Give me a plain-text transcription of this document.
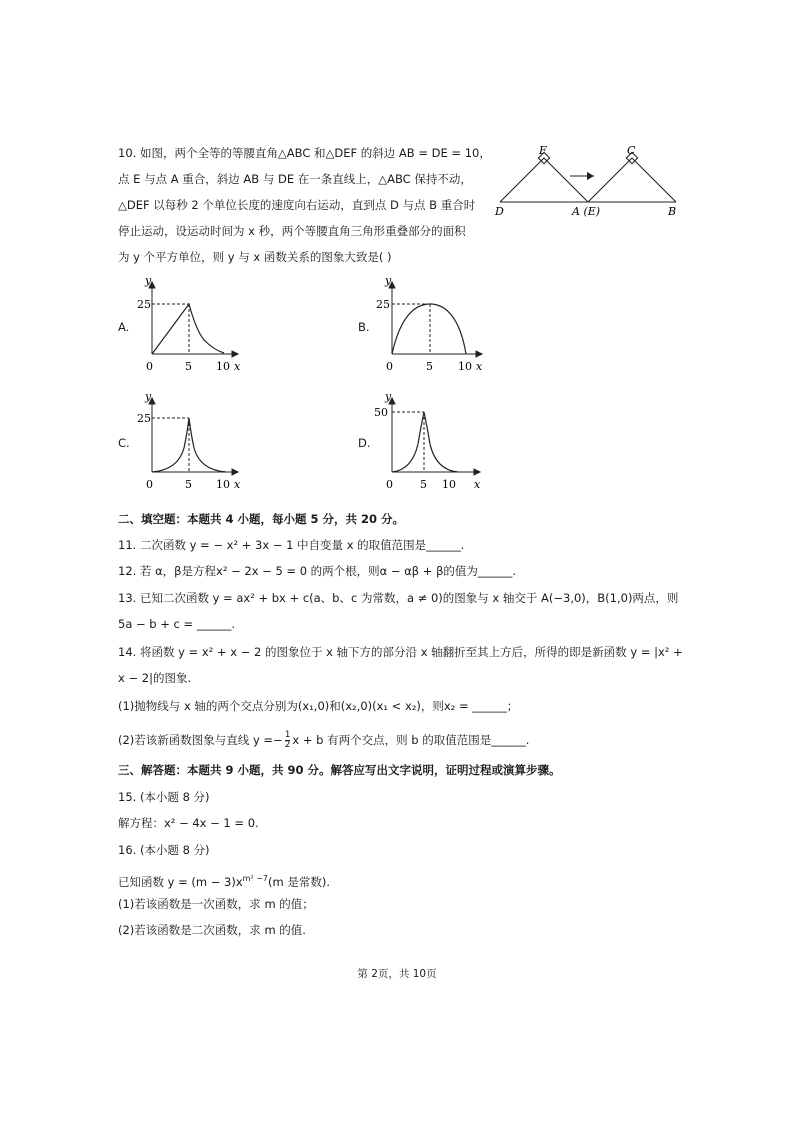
10. 如图，两个全等的等腰直角△ABC 和△DEF 的斜边 AB = DE = 10，
点 E 与点 A 重合，斜边 AB 与 DE 在一条直线上，△ABC 保持不动，
△DEF 以每秒 2 个单位长度的速度向右运动，直到点 D 与点 B 重合时
停止运动，设运动时间为 x 秒，两个等腰直角三角形重叠部分的面积
为 y 个平方单位，则 y 与 x 函数关系的图象大致是( )
F	C
D	A (E)	B
A.
y
25
0	5 10 x
B.
y
25
0	5 10 x
C.
y
25
0	5 10 x
D.
y
50
0 5 10 x
二、填空题：本题共 4 小题，每小题 5 分，共 20 分。
11. 二次函数 y = − x² + 3x − 1 中自变量 x 的取值范围是______.
12. 若 α，β是方程x² − 2x − 5 = 0 的两个根，则α − αβ + β的值为______.
13. 已知二次函数 y = ax² + bx + c(a、b、c 为常数，a ≠ 0)的图象与 x 轴交于 A(−3,0)，B(1,0)两点，则
5a − b + c = ______.
14. 将函数 y = x² + x − 2 的图象位于 x 轴下方的部分沿 x 轴翻折至其上方后，所得的即是新函数 y = |x² +
x − 2|的图象.
(1)抛物线与 x 轴的两个交点分别为(x₁,0)和(x₂,0)(x₁ < x₂)，则x₂ = ______；
(2)若该新函数图象与直线 $y =- \frac{1}{2}$ x + b 有两个交点，则 b 的取值范围是______.
三、解答题：本题共 9 小题，共 90 分。解答应写出文字说明，证明过程或演算步骤。
15. (本小题 8 分)
解方程：x² − 4x − 1 = 0.
16. (本小题 8 分)
已知函数 $y = (m - 3)x^{m^2 -7}(m$ 是常数).
(1)若该函数是一次函数，求 m 的值；
(2)若该函数是二次函数，求 m 的值.
第 2页，共 10页
